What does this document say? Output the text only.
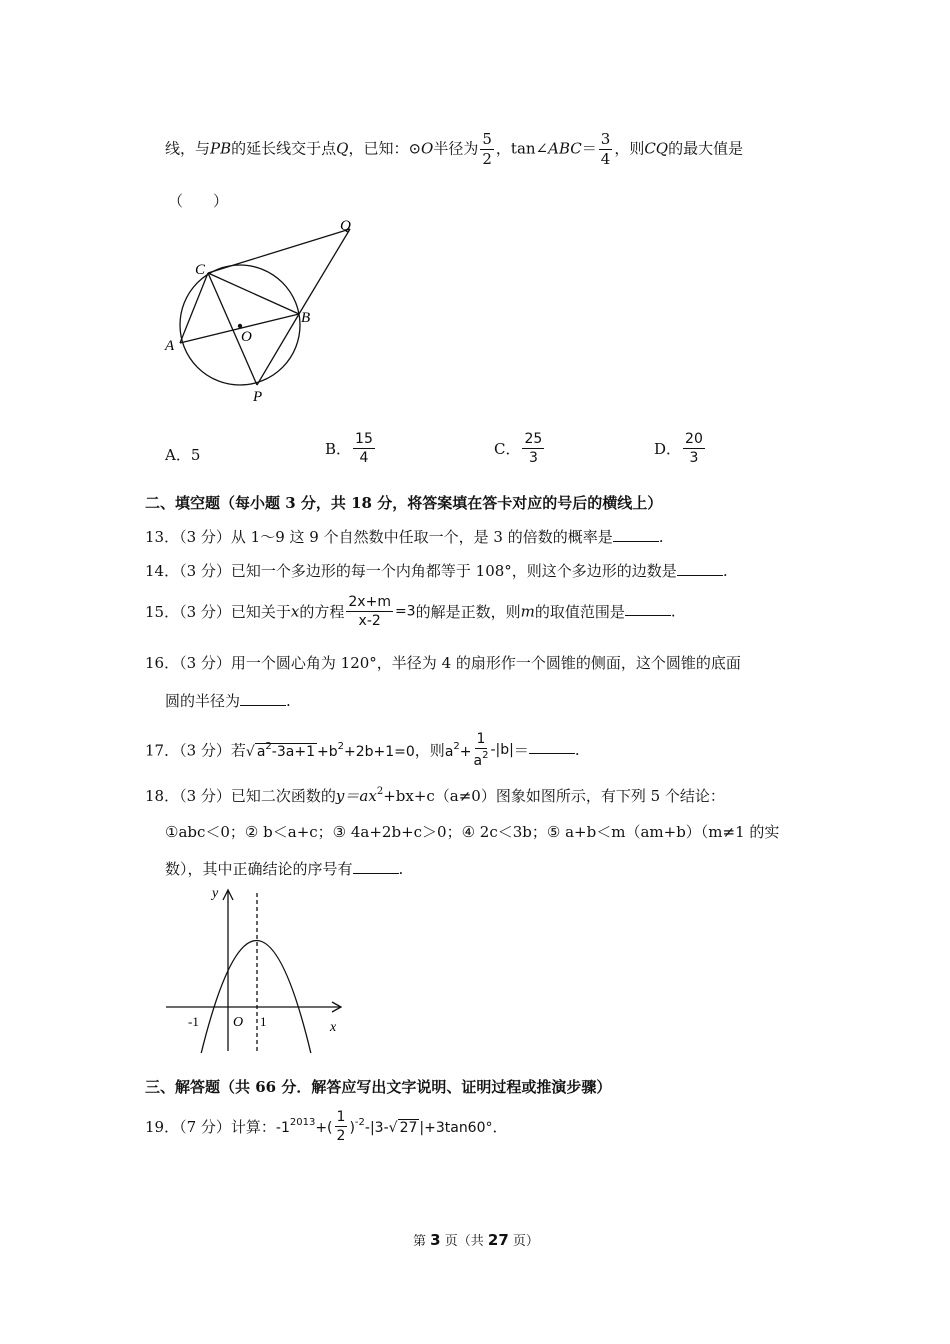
线，与PB的延长线交于点Q，已知：⊙O半径为 $\frac{5}{2}$ ，tan∠ABC＝ $\frac{3}{4}$ ，则CQ的最大值是
（　　）
Q
C
B
A
O
P
A．5	B． $\frac{15}{4}$	C． $\frac{25}{3}$	D． $\frac{20}{3}$
二、填空题（每小题 3 分，共 18 分，将答案填在答卡对应的号后的横线上）
13．（3 分）从 1～9 这 9 个自然数中任取一个，是 3 的倍数的概率是	.
14．（3 分）已知一个多边形的每一个内角都等于 108°，则这个多边形的边数是	.
15．（3 分）已知关于x的方程 $\frac{2x+m}{x-2} =3$的解是正数，则m的取值范围是	.
16．（3 分）用一个圆心角为 120°，半径为 4 的扇形作一个圆锥的侧面，这个圆锥的底面
圆的半径为	.
17．（3 分）若√ $a^2-3a+1 +b^2+2b+1=0$，则$a^2+ \frac{1}{a^2} -|b|=$	.
18．（3 分）已知二次函数的$y=ax^2+bx+c(a\ne 0)$图象如图所示，有下列 5 个结论：
①abc＜0；② b＜a+c；③ 4a+2b+c＞0；④ 2c＜3b；⑤ a+b＜m（am+b）（m≠1 的实
数），其中正确结论的序号有	.
y
x
O
-1	1
三、解答题（共 66 分．解答应写出文字说明、证明过程或推演步骤）
19．（7 分）计算：$-1^{2013}+( \frac{1}{2} )^{-2}-|3-√$ 27 |+3tan60°．
第 3 页（共 27 页）
